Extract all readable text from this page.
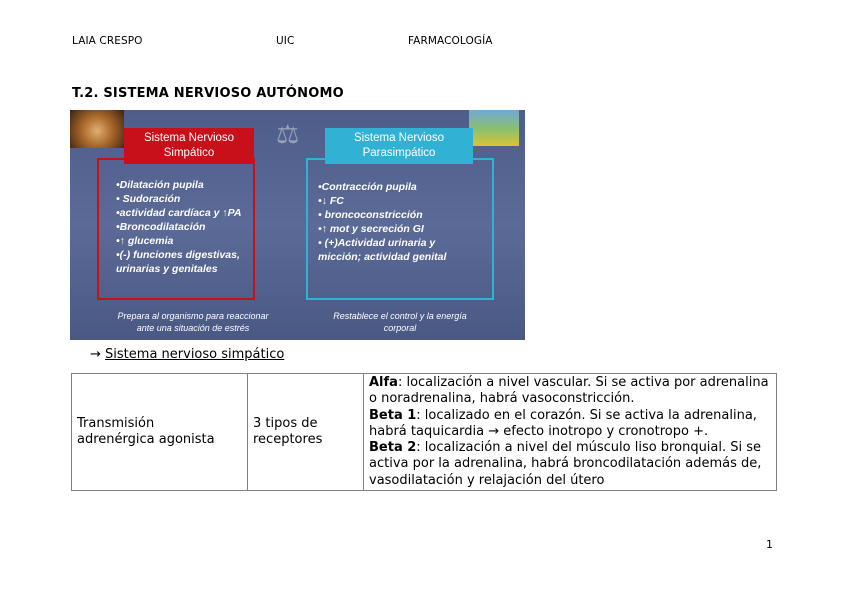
LAIA CRESPO	UIC	FARMACOLOGÍA
T.2. SISTEMA NERVIOSO AUTÓNOMO
⚖
Sistema Nervioso
Simpático
Sistema Nervioso
Parasimpático
•Dilatación pupila
• Sudoración
•actividad cardíaca y ↑PA
•Broncodilatación
•↑ glucemia
•(-) funciones digestivas,
urinarias y genitales
•Contracción pupila
•↓ FC
• broncoconstricción
•↑ mot y secreción GI
• (+)Actividad urinaria y
micción; actividad genital
Prepara al organismo para reaccionar
ante una situación de estrés
Restablece el control y la energía
corporal
→ Sistema nervioso simpático
Transmisión
adrenérgica agonista

3 tipos de
receptores

Alfa: localización a nivel vascular. Si se activa por adrenalina o noradrenalina, habrá vasoconstricción.
Beta 1: localizado en el corazón. Si se activa la adrenalina, habrá taquicardia → efecto inotropo y cronotropo +.
Beta 2: localización a nivel del músculo liso bronquial. Si se activa por la adrenalina, habrá broncodilatación además de, vasodilatación y relajación del útero
1
